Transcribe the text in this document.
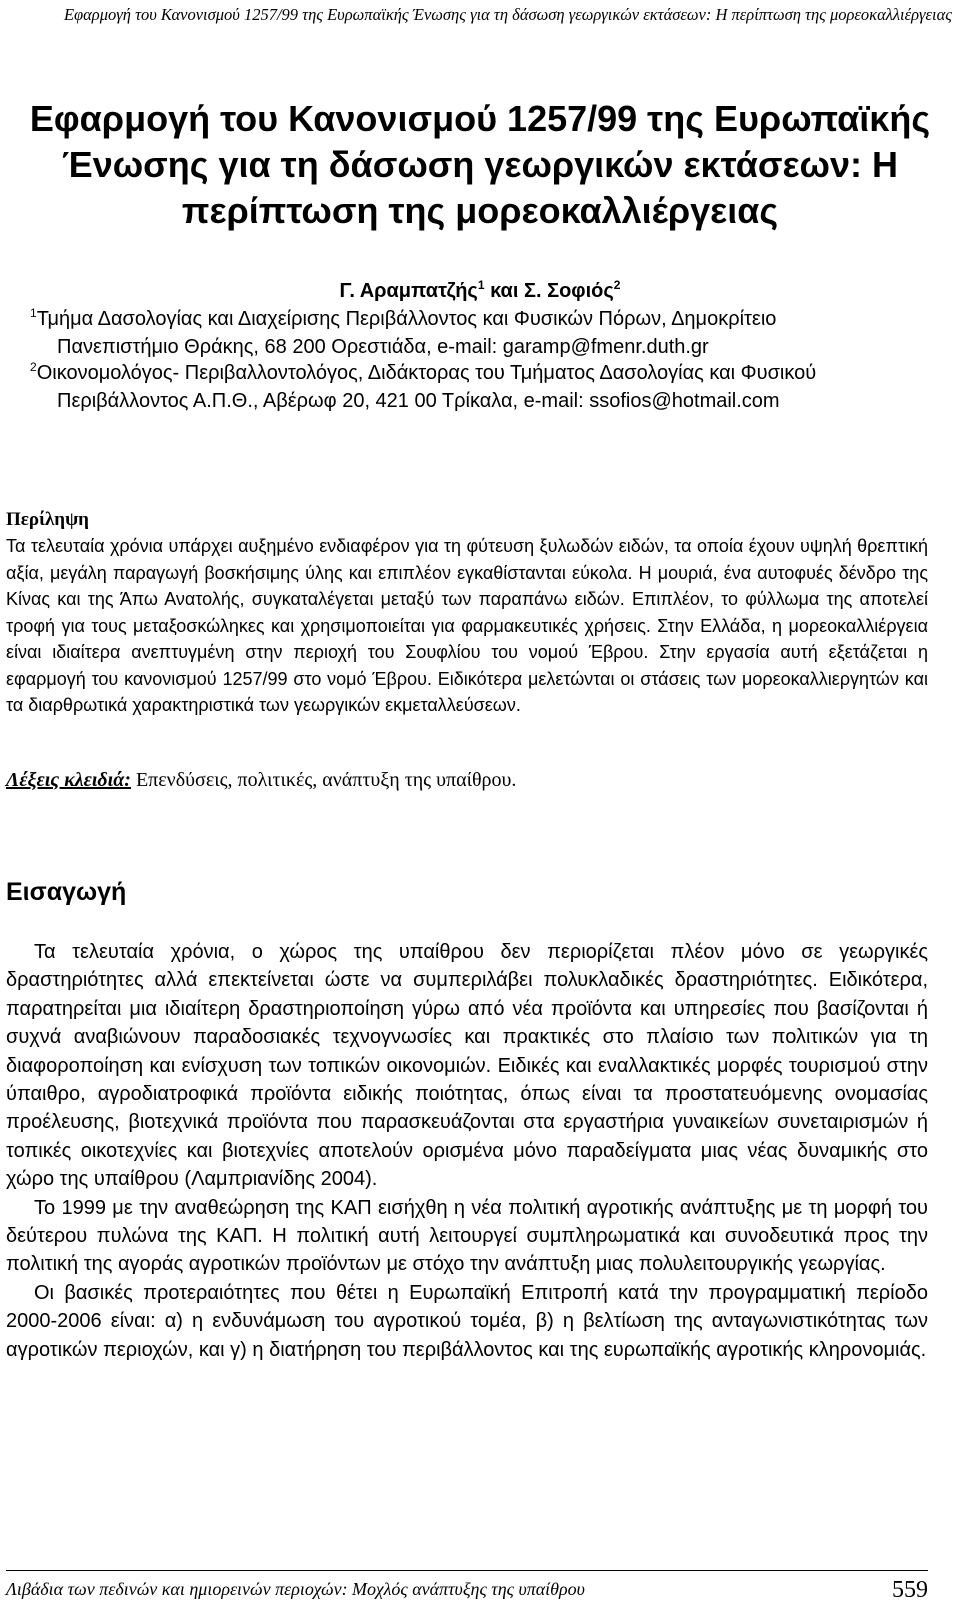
Εφαρμογή του Κανονισμού 1257/99 της Ευρωπαϊκής Ένωσης για τη δάσωση γεωργικών εκτάσεων: Η περίπτωση της μορεοκαλλιέργειας
Εφαρμογή του Κανονισμού 1257/99 της Ευρωπαϊκής
Ένωσης για τη δάσωση γεωργικών εκτάσεων: Η
περίπτωση της μορεοκαλλιέργειας
Γ. Αραμπατζής$^1$ και Σ. Σοφιός$^2$
$^1$Τμήμα Δασολογίας και Διαχείρισης Περιβάλλοντος και Φυσικών Πόρων, Δημοκρίτειο
Πανεπιστήμιο Θράκης, 68 200 Ορεστιάδα, e-mail: garamp@fmenr.duth.gr
$^2$Οικονομολόγος- Περιβαλλοντολόγος, Διδάκτορας του Τμήματος Δασολογίας και Φυσικού
Περιβάλλοντος Α.Π.Θ., Αβέρωφ 20, 421 00 Τρίκαλα, e-mail: ssofios@hotmail.com
Περίληψη

Τα τελευταία χρόνια υπάρχει αυξημένο ενδιαφέρον για τη φύτευση ξυλωδών ειδών, τα οποία έχουν υψηλή θρεπτική αξία, μεγάλη παραγωγή βοσκήσιμης ύλης και επιπλέον εγκαθίστανται εύκολα. Η μουριά, ένα αυτοφυές δένδρο της Κίνας και της Άπω Ανατολής, συγκαταλέγεται μεταξύ των παραπάνω ειδών. Επιπλέον, το φύλλωμα της αποτελεί τροφή για τους μεταξοσκώληκες και χρησιμοποιείται για φαρμακευτικές χρήσεις. Στην Ελλάδα, η μορεοκαλλιέργεια είναι ιδιαίτερα ανεπτυγμένη στην περιοχή του Σουφλίου του νομού Έβρου. Στην εργασία αυτή εξετάζεται η εφαρμογή του κανονισμού 1257/99 στο νομό Έβρου. Ειδικότερα μελετώνται οι στάσεις των μορεοκαλλιεργητών και τα διαρθρωτικά χαρακτηριστικά των γεωργικών εκμεταλλεύσεων.

Λέξεις κλειδιά: Επενδύσεις, πολιτικές, ανάπτυξη της υπαίθρου.
Εισαγωγή

Τα τελευταία χρόνια, ο χώρος της υπαίθρου δεν περιορίζεται πλέον μόνο σε γεωργικές δραστηριότητες αλλά επεκτείνεται ώστε να συμπεριλάβει πολυκλαδικές δραστηριότητες. Ειδικότερα, παρατηρείται μια ιδιαίτερη δραστηριοποίηση γύρω από νέα προϊόντα και υπηρεσίες που βασίζονται ή συχνά αναβιώνουν παραδοσιακές τεχνογνωσίες και πρακτικές στο πλαίσιο των πολιτικών για τη διαφοροποίηση και ενίσχυση των τοπικών οικονομιών. Ειδικές και εναλλακτικές μορφές τουρισμού στην ύπαιθρο, αγροδιατροφικά προϊόντα ειδικής ποιότητας, όπως είναι τα προστατευόμενης ονομασίας προέλευσης, βιοτεχνικά προϊόντα που παρασκευάζονται στα εργαστήρια γυναικείων συνεταιρισμών ή τοπικές οικοτεχνίες και βιοτεχνίες αποτελούν ορισμένα μόνο παραδείγματα μιας νέας δυναμικής στο χώρο της υπαίθρου (Λαμπριανίδης 2004).

Το 1999 με την αναθεώρηση της ΚΑΠ εισήχθη η νέα πολιτική αγροτικής ανάπτυξης με τη μορφή του δεύτερου πυλώνα της ΚΑΠ. Η πολιτική αυτή λειτουργεί συμπληρωματικά και συνοδευτικά προς την πολιτική της αγοράς αγροτικών προϊόντων με στόχο την ανάπτυξη μιας πολυλειτουργικής γεωργίας.

Οι βασικές προτεραιότητες που θέτει η Ευρωπαϊκή Επιτροπή κατά την προγραμματική περίοδο 2000-2006 είναι: α) η ενδυνάμωση του αγροτικού τομέα, β) η βελτίωση της ανταγωνιστικότητας των αγροτικών περιοχών, και γ) η διατήρηση του περιβάλλοντος και της ευρωπαϊκής αγροτικής κληρονομιάς.

Λιβάδια των πεδινών και ημιορεινών περιοχών: Μοχλός ανάπτυξης της υπαίθρου	559
